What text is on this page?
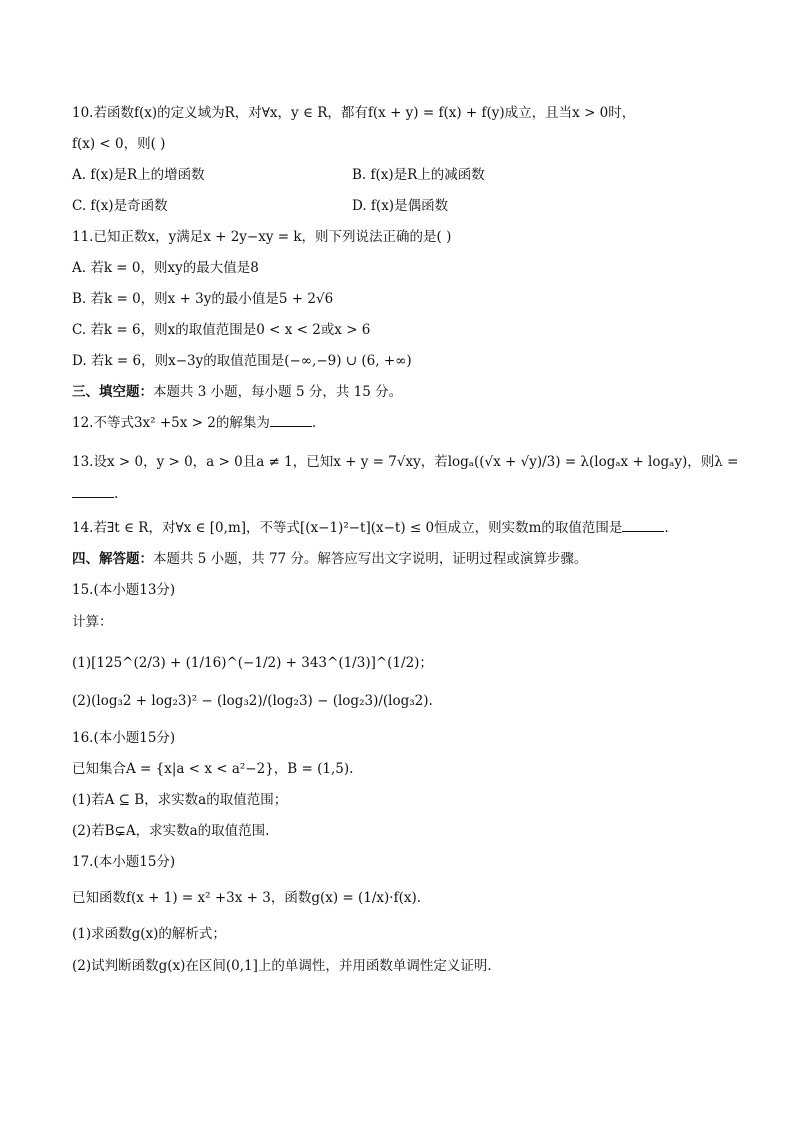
10.若函数f(x)的定义域为R，对∀x，y ∈ R，都有f(x + y) = f(x) + f(y)成立，且当x > 0时，
f(x) < 0，则( )
A. f(x)是R上的增函数	B. f(x)是R上的减函数
C. f(x)是奇函数	D. f(x)是偶函数
11.已知正数x，y满足x + 2y−xy = k，则下列说法正确的是( )
A. 若k = 0，则xy的最大值是8
B. 若k = 0，则x + 3y的最小值是5 + 2√6
C. 若k = 6，则x的取值范围是0 < x < 2或x > 6
D. 若k = 6，则x−3y的取值范围是(−∞,−9) ∪ (6, +∞)
三、填空题：本题共 3 小题，每小题 5 分，共 15 分。
12.不等式3x² +5x > 2的解集为	.
13.设x > 0，y > 0，a > 0且a ≠ 1，已知x + y = 7√xy，若logₐ((√x + √y)/3) = λ(logₐx + logₐy)，则λ =
.
14.若∃t ∈ R，对∀x ∈ [0,m]，不等式[(x−1)²−t](x−t) ≤ 0恒成立，则实数m的取值范围是	.
四、解答题：本题共 5 小题，共 77 分。解答应写出文字说明，证明过程或演算步骤。
15.(本小题13分)
计算：
(1)[125^(2/3) + (1/16)^(−1/2) + 343^(1/3)]^(1/2)；
(2)(log₃2 + log₂3)² − (log₃2)/(log₂3) − (log₂3)/(log₃2).
16.(本小题15分)
已知集合A = {x|a < x < a²−2}，B = (1,5).
(1)若A ⊆ B，求实数a的取值范围；
(2)若B⊊A，求实数a的取值范围.
17.(本小题15分)
已知函数f(x + 1) = x² +3x + 3，函数g(x) = (1/x)·f(x).
(1)求函数g(x)的解析式；
(2)试判断函数g(x)在区间(0,1]上的单调性，并用函数单调性定义证明.
